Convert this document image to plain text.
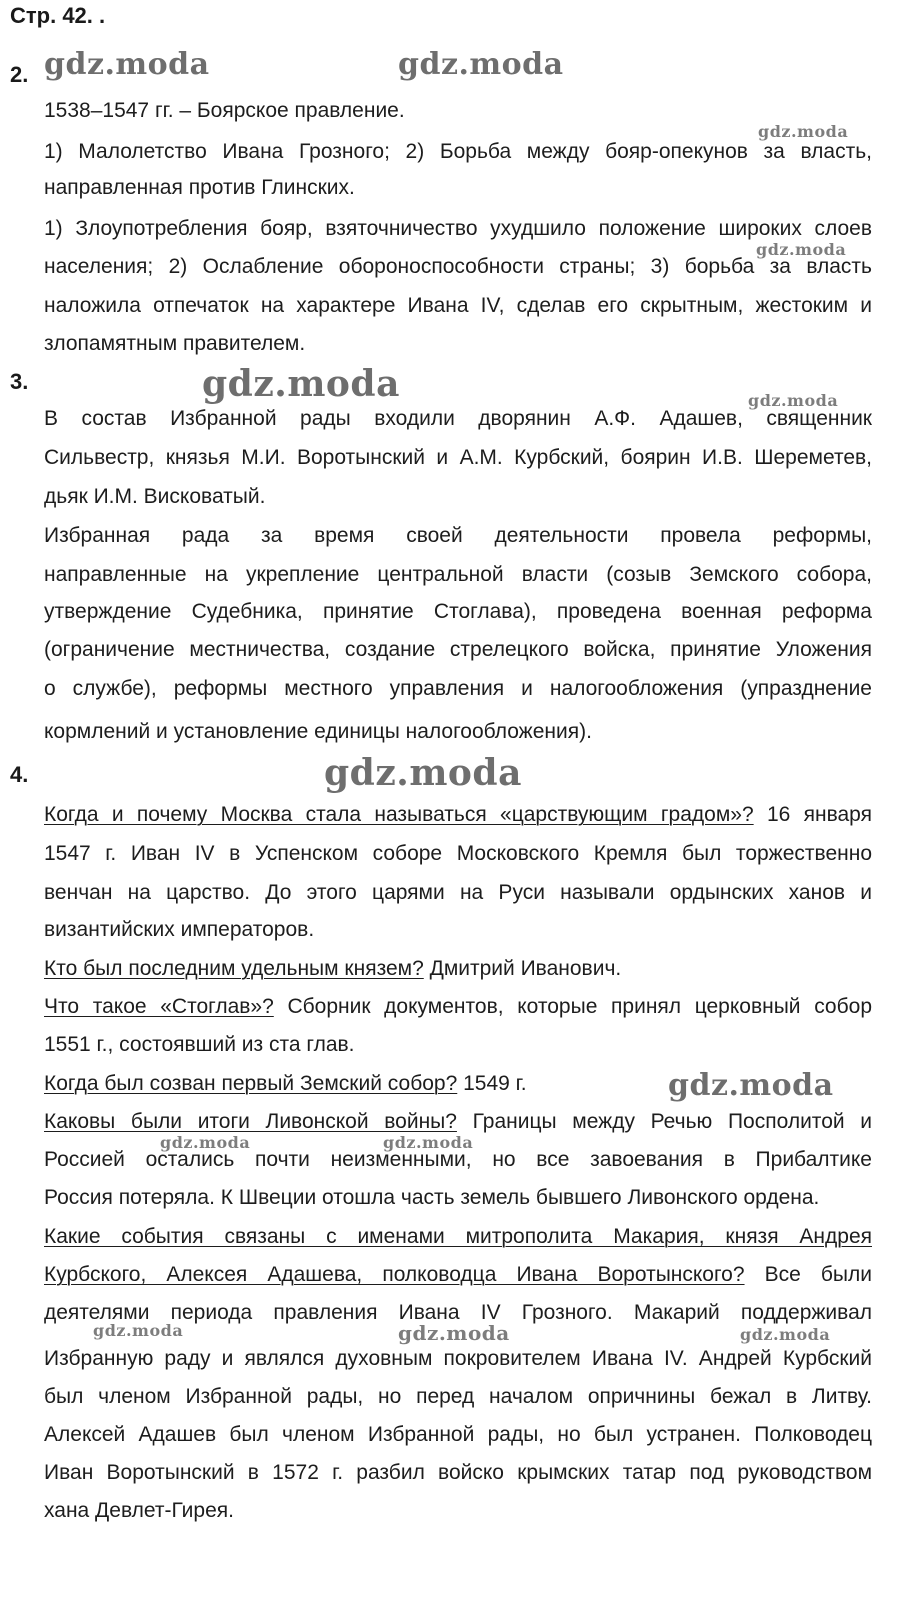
Стр. 42. .
2.
1538–1547 гг. – Боярское правление.
1) Малолетство Ивана Грозного; 2) Борьба между бояр-опекунов за власть,
направленная против Глинских.
1) Злоупотребления бояр, взяточничество ухудшило положение широких слоев
населения; 2) Ослабление обороноспособности страны; 3) борьба за власть
наложила отпечаток на характере Ивана IV, сделав его скрытным, жестоким и
злопамятным правителем.
3.
В состав Избранной рады входили дворянин А.Ф. Адашев, священник
Сильвестр, князья М.И. Воротынский и А.М. Курбский, боярин И.В. Шереметев,
дьяк И.М. Висковатый.
Избранная рада за время своей деятельности провела реформы,
направленные на укрепление центральной власти (созыв Земского собора,
утверждение Судебника, принятие Стоглава), проведена военная реформа
(ограничение местничества, создание стрелецкого войска, принятие Уложения
о службе), реформы местного управления и налогообложения (упразднение
кормлений и установление единицы налогообложения).
4.
Когда и почему Москва стала называться «царствующим градом»? 16 января
1547 г. Иван IV в Успенском соборе Московского Кремля был торжественно
венчан на царство. До этого царями на Руси называли ордынских ханов и
византийских императоров.
Кто был последним удельным князем? Дмитрий Иванович.
Что такое «Стоглав»? Сборник документов, которые принял церковный собор
1551 г., состоявший из ста глав.
Когда был созван первый Земский собор? 1549 г.
Каковы были итоги Ливонской войны? Границы между Речью Посполитой и
Россией остались почти неизменными, но все завоевания в Прибалтике
Россия потеряла. К Швеции отошла часть земель бывшего Ливонского ордена.
Какие события связаны с именами митрополита Макария, князя Андрея
Курбского, Алексея Адашева, полководца Ивана Воротынского? Все были
деятелями периода правления Ивана IV Грозного. Макарий поддерживал
Избранную раду и являлся духовным покровителем Ивана IV. Андрей Курбский
был членом Избранной рады, но перед началом опричнины бежал в Литву.
Алексей Адашев был членом Избранной рады, но был устранен. Полководец
Иван Воротынский в 1572 г. разбил войско крымских татар под руководством
хана Девлет-Гирея.
gdz.moda	gdz.moda
gdz.moda
gdz.moda
gdz.moda	gdz.moda
gdz.moda
gdz.moda
gdz.moda	gdz.moda
gdz.moda	gdz.moda	gdz.moda
